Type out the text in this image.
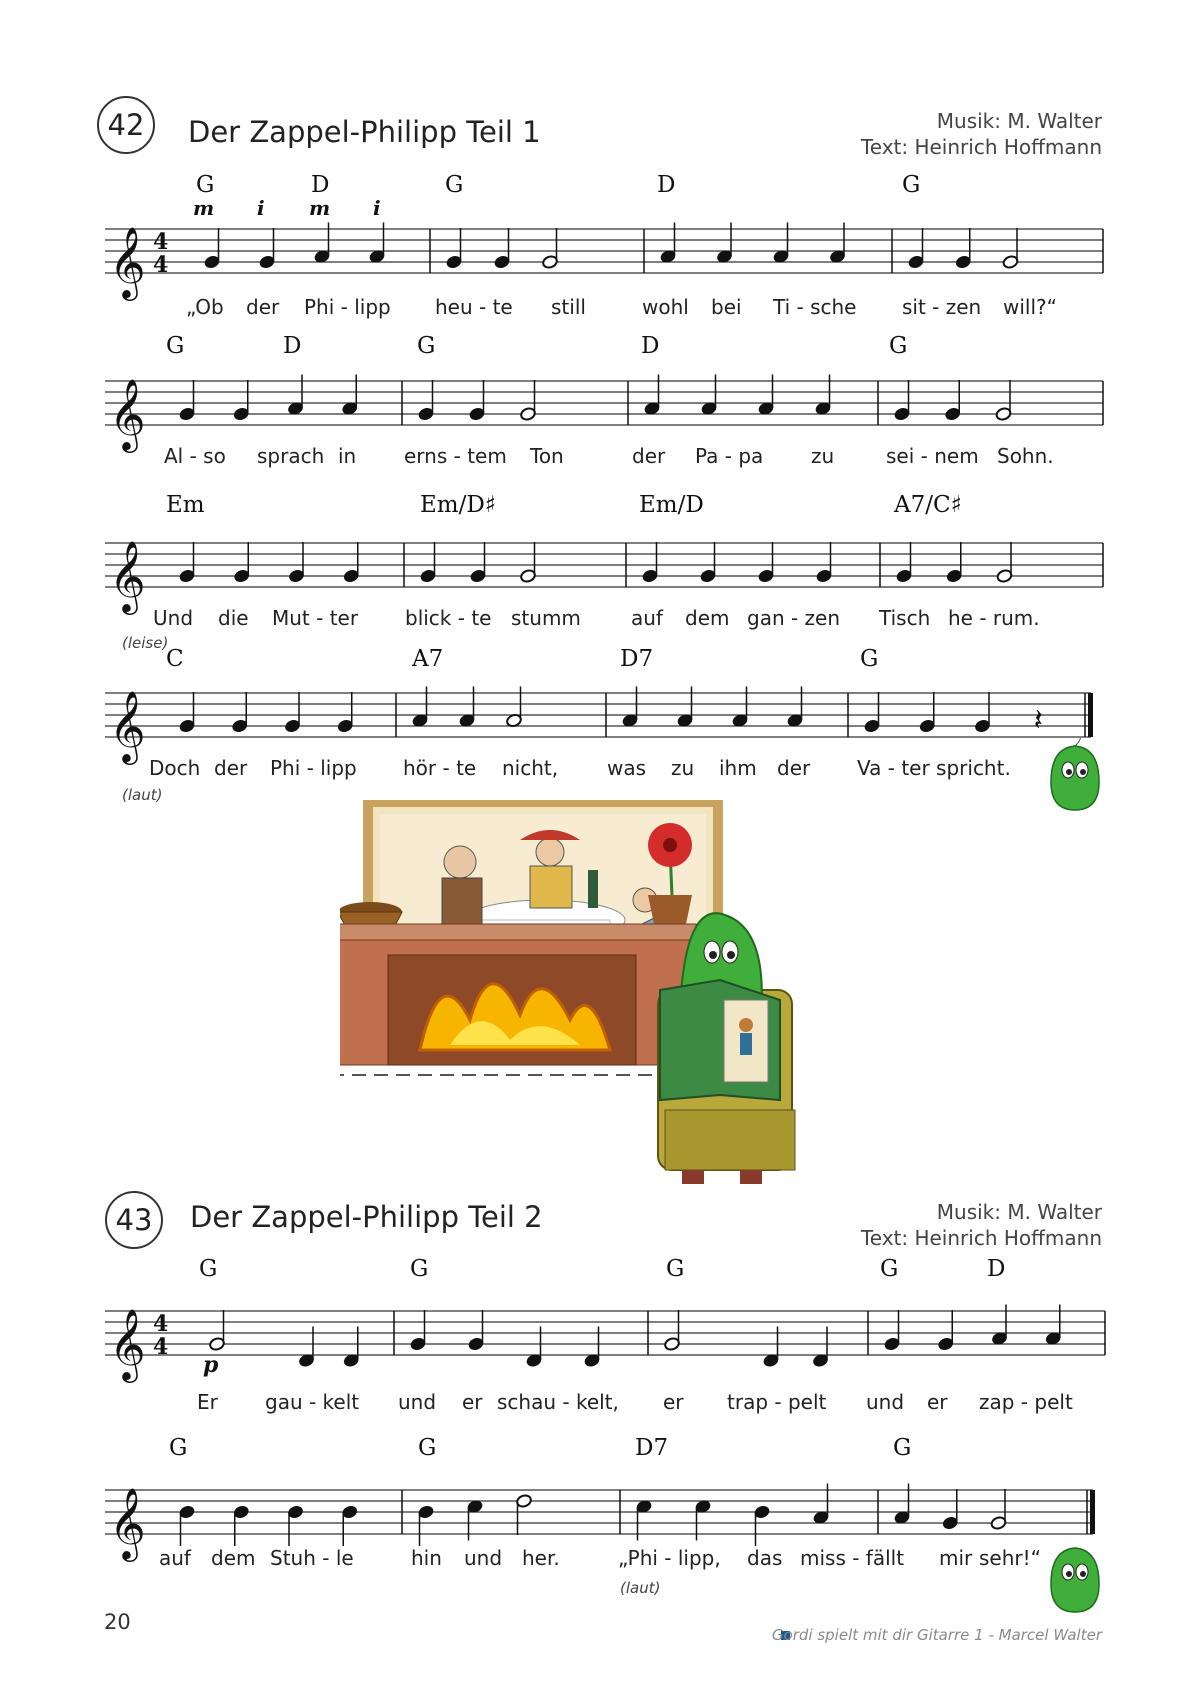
42 Der Zappel-Philipp Teil 1	Musik: M. Walter
Text: Heinrich Hoffmann
G	D	G	D	G
m i m i
G	D	G	D	G
Em	Em/D♯	Em/D	A7/C♯
C	A7	D7	G
„Ob der Phi - lipp heu - te still	wohl bei Ti - sche sit - zen will?“
Al - so sprach in erns - tem Ton	der Pa - pa zu	sei - nem Sohn.
Und die Mut - ter blick - te stumm	auf dem gan - zen Tisch he - rum.
(leise)
Doch der Phi - lipp hör - te nicht, was zu ihm der Va - ter spricht.
(laut)
43 Der Zappel-Philipp Teil 2	Musik: M. Walter
Text: Heinrich Hoffmann
G	G	G	G	D
p
G	G	D7	G
Er gau - kelt und er schau - kelt, er trap - pelt und er zap - pelt
auf dem Stuh - le	hin und her.	„Phi - lipp, das miss - fällt mir sehr!“
(laut)
𝄞 4
4
𝄞
𝄞
𝄞	𝄽
𝄞 4
4
𝄞
20
Gordi spielt mit dir Gitarre 1 - Marcel Walter
